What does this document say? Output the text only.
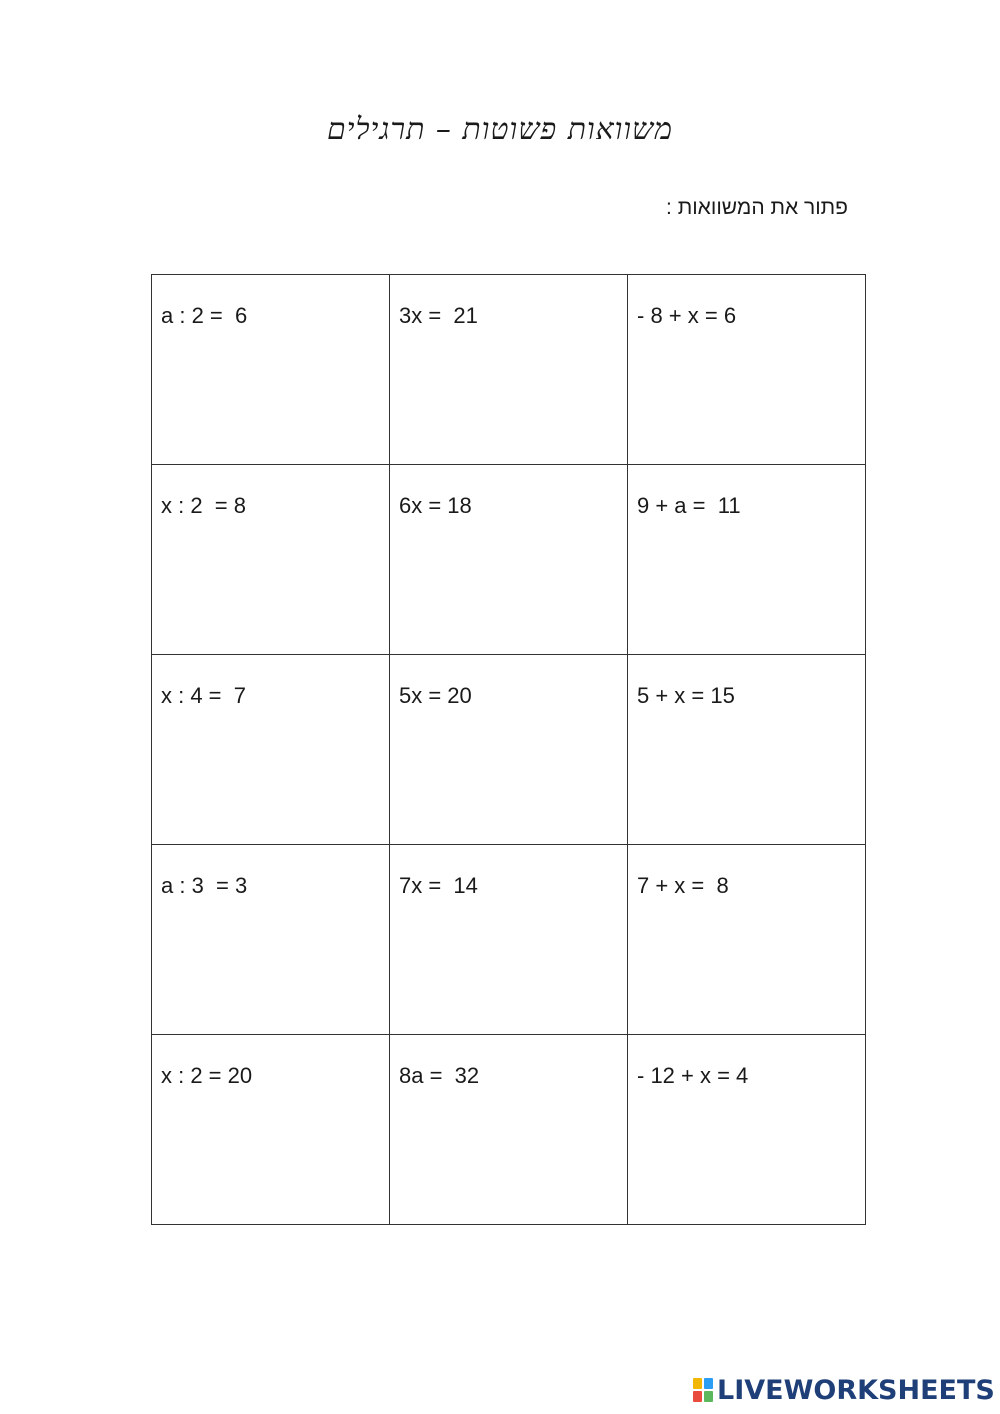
משוואות פשוטות – תרגילים
פתור את המשוואות :
a : 2 =  6	3x =  21	- 8 + x = 6

x : 2  = 8	6x = 18	9 + a =  11

x : 4 =  7	5x = 20	5 + x = 15

a : 3  = 3	7x =  14	7 + x =  8

x : 2 = 20	8a =  32	- 12 + x = 4
LIVEWORKSHEETS
